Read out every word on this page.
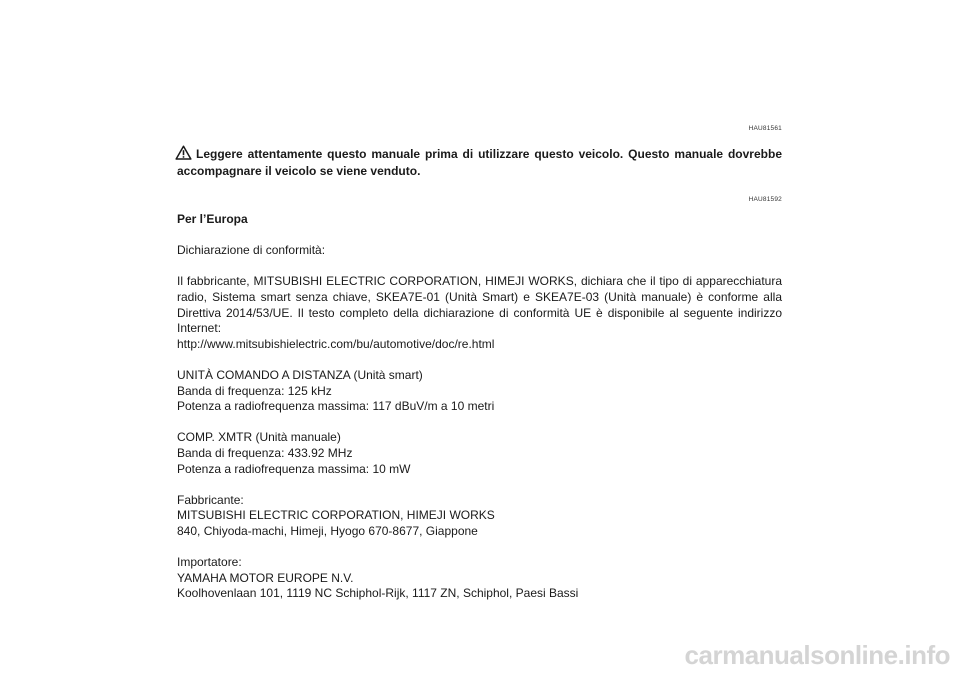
HAU81561
Leggere attentamente questo manuale prima di utilizzare questo veicolo. Questo manuale dovrebbe accompagnare il veicolo se viene venduto.
HAU81592

Per l’Europa

Dichiarazione di conformità:

Il fabbricante, MITSUBISHI ELECTRIC CORPORATION, HIMEJI WORKS, dichiara che il tipo di apparecchiatura radio, Sistema smart senza chiave, SKEA7E-01 (Unità Smart) e SKEA7E-03 (Unità manuale) è conforme alla Direttiva 2014/53/UE. Il testo completo della dichiarazione di conformità UE è disponibile al seguente indirizzo Internet:

http://www.mitsubishielectric.com/bu/automotive/doc/re.html

UNITÀ COMANDO A DISTANZA (Unità smart)

Banda di frequenza: 125 kHz

Potenza a radiofrequenza massima: 117 dBuV/m a 10 metri

COMP. XMTR (Unità manuale)

Banda di frequenza: 433.92 MHz

Potenza a radiofrequenza massima: 10 mW

Fabbricante:

MITSUBISHI ELECTRIC CORPORATION, HIMEJI WORKS

840, Chiyoda-machi, Himeji, Hyogo 670-8677, Giappone

Importatore:

YAMAHA MOTOR EUROPE N.V.

Koolhovenlaan 101, 1119 NC Schiphol-Rijk, 1117 ZN, Schiphol, Paesi Bassi

carmanualsonline.info
